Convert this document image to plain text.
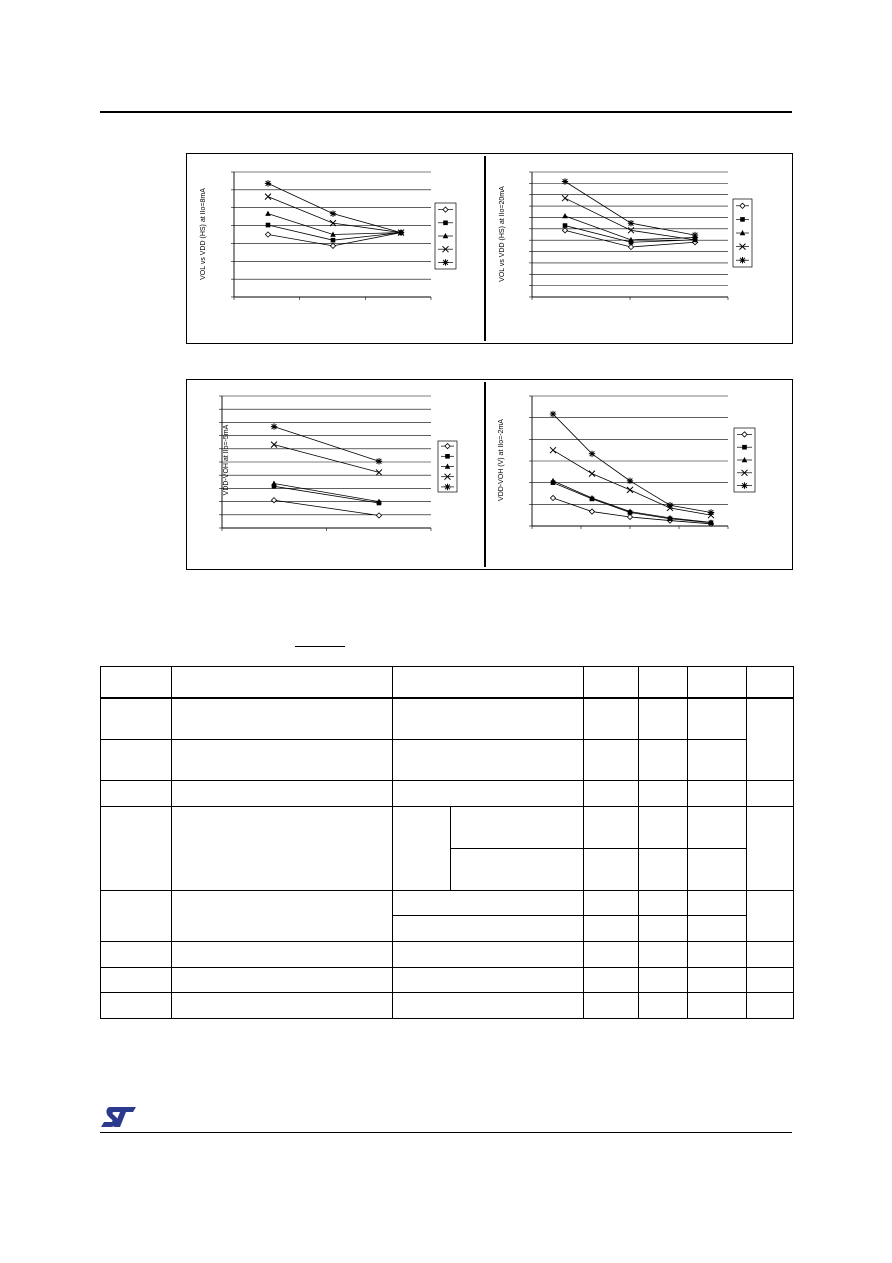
VOL vs VDD (HS) at IIo=8mA	VOL vs VDD (HS) at IIo=20mA
VDD-VOH at IIo=-5mA	VDD-VOH (V) at IIo=-2mA
